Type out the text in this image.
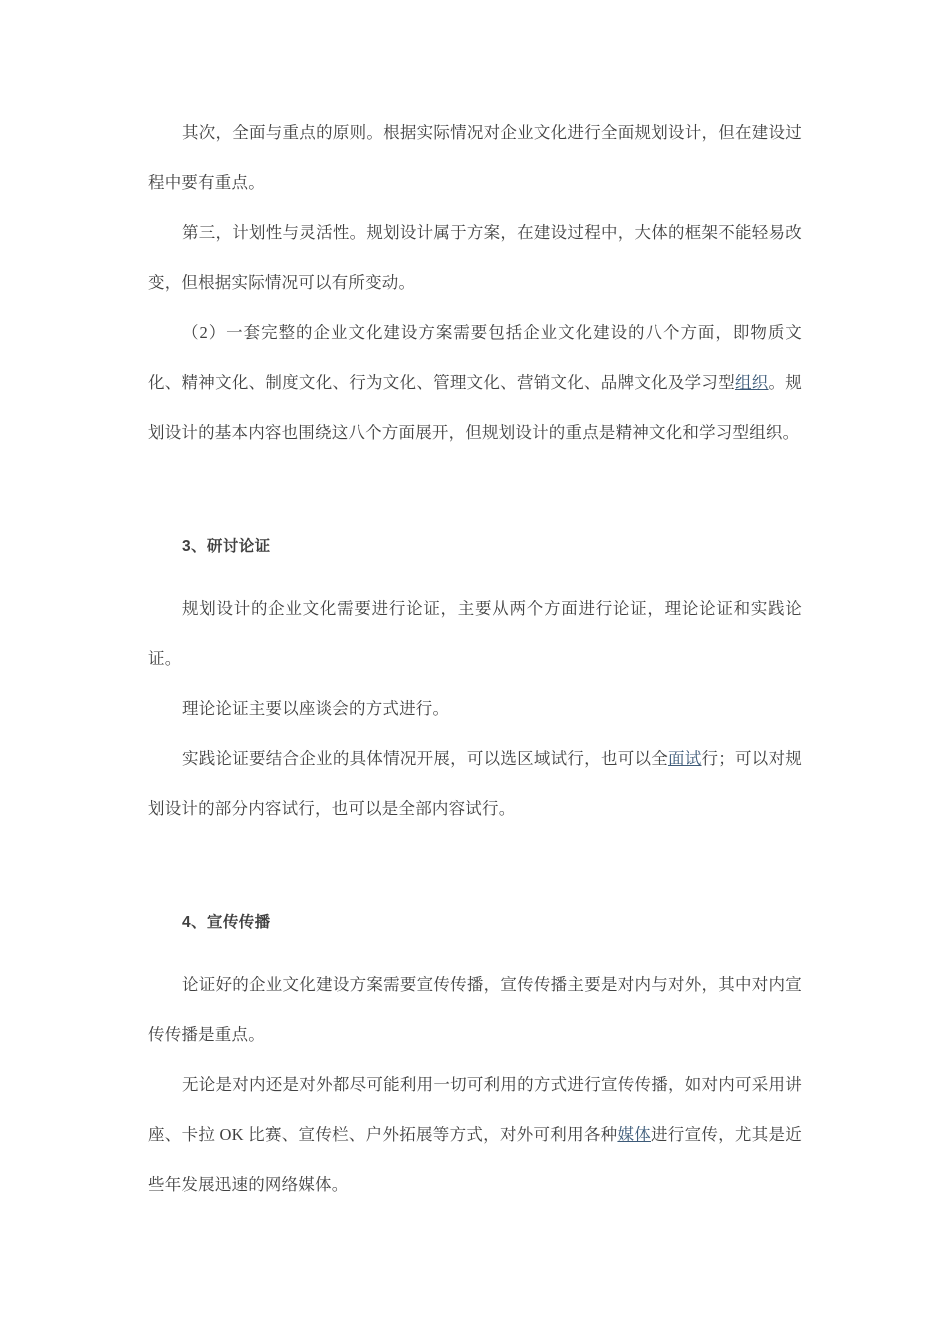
其次，全面与重点的原则。根据实际情况对企业文化进行全面规划设计，但在建设过程中要有重点。

第三，计划性与灵活性。规划设计属于方案，在建设过程中，大体的框架不能轻易改变，但根据实际情况可以有所变动。

（2）一套完整的企业文化建设方案需要包括企业文化建设的八个方面，即物质文化、精神文化、制度文化、行为文化、管理文化、营销文化、品牌文化及学习型组织。规划设计的基本内容也围绕这八个方面展开，但规划设计的重点是精神文化和学习型组织。

3、研讨论证

规划设计的企业文化需要进行论证，主要从两个方面进行论证，理论论证和实践论证。

理论论证主要以座谈会的方式进行。

实践论证要结合企业的具体情况开展，可以选区域试行，也可以全面试行；可以对规划设计的部分内容试行，也可以是全部内容试行。

4、宣传传播

论证好的企业文化建设方案需要宣传传播，宣传传播主要是对内与对外，其中对内宣传传播是重点。

无论是对内还是对外都尽可能利用一切可利用的方式进行宣传传播，如对内可采用讲座、卡拉 OK 比赛、宣传栏、户外拓展等方式，对外可利用各种媒体进行宣传，尤其是近些年发展迅速的网络媒体。
